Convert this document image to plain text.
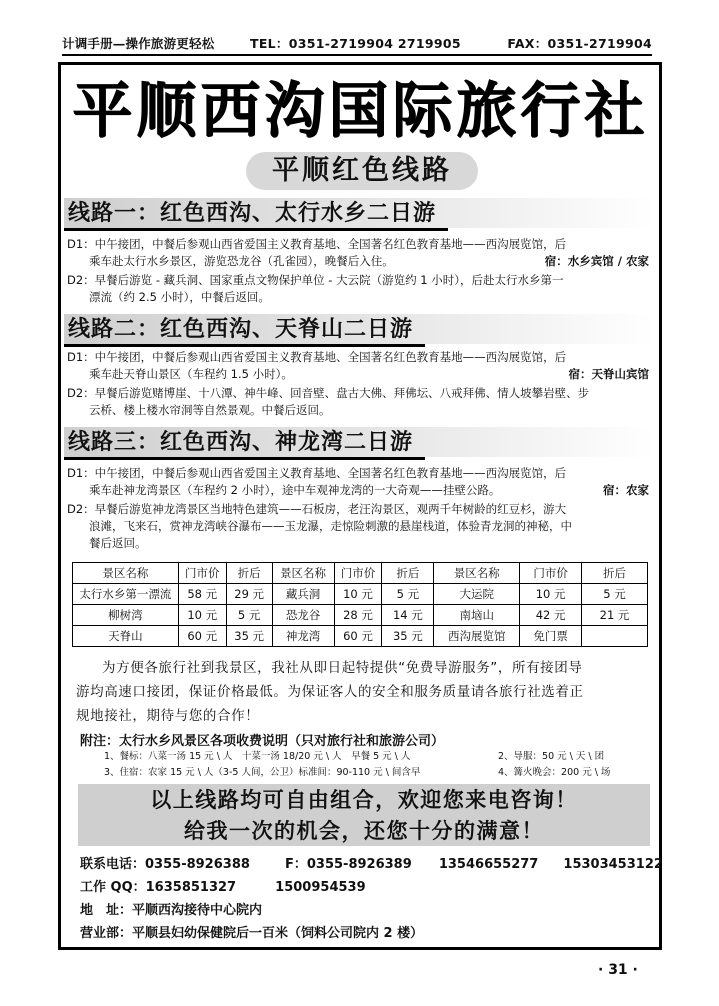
计调手册—操作旅游更轻松	TEL：0351-2719904 2719905	FAX：0351-2719904
平顺西沟国际旅行社
平顺红色线路
线路一：红色西沟、太行水乡二日游
D1：中午接团，中餐后参观山西省爱国主义教育基地、全国著名红色教育基地——西沟展览馆，后
乘车赴太行水乡景区，游览恐龙谷（孔雀园），晚餐后入住。	宿：水乡宾馆 / 农家
D2：早餐后游览 - 藏兵洞、国家重点文物保护单位 - 大云院（游览约 1 小时），后赴太行水乡第一
漂流（约 2.5 小时），中餐后返回。
线路二：红色西沟、天脊山二日游
D1：中午接团，中餐后参观山西省爱国主义教育基地、全国著名红色教育基地——西沟展览馆，后
乘车赴天脊山景区（车程约 1.5 小时）。	宿：天脊山宾馆
D2：早餐后游览赌博崖、十八潭、神牛峰、回音壁、盘古大佛、拜佛坛、八戒拜佛、情人坡攀岩壁、步
云桥、楼上楼水帘洞等自然景观。中餐后返回。
线路三：红色西沟、神龙湾二日游
D1：中午接团，中餐后参观山西省爱国主义教育基地、全国著名红色教育基地——西沟展览馆，后
乘车赴神龙湾景区（车程约 2 小时），途中车观神龙湾的一大奇观——挂壁公路。	宿：农家
D2：早餐后游览神龙湾景区当地特色建筑——石板房，老汪沟景区，观两千年树龄的红豆杉，游大
浪滩，飞来石，赏神龙湾峡谷瀑布——玉龙瀑，走惊险刺激的悬崖栈道，体验青龙洞的神秘，中
餐后返回。
景区名称	门市价	折后	景区名称	门市价	折后	景区名称	门市价	折后
太行水乡第一漂流	58 元	29 元	藏兵洞	10 元	5 元	大运院	10 元	5 元
柳树湾	10 元	5 元	恐龙谷	28 元	14 元	南垴山	42 元	21 元
天脊山	60 元	35 元	神龙湾	60 元	35 元	西沟展览馆	免门票	
为方便各旅行社到我景区，我社从即日起特提供“免费导游服务”，所有接团导
游均高速口接团，保证价格最低。为保证客人的安全和服务质量请各旅行社选着正
规地接社，期待与您的合作！
附注：太行水乡风景区各项收费说明（只对旅行社和旅游公司）
1、餐标：八菜一汤 15 元 \ 人　十菜一汤 18/20 元 \ 人　早餐 5 元 \ 人	2、导服：50 元 \ 天 \ 团
3、住宿：农家 15 元 \ 人（3-5 人间，公卫）标准间：90-110 元 \ 间含早	4、篝火晚会：200 元 \ 场
以上线路均可自由组合，欢迎您来电咨询！
给我一次的机会，还您十分的满意！
联系电话：0355-8926388	F：0355-8926389 13546655277 15303453122
工作 QQ：1635851327	1500954539
地　址：平顺西沟接待中心院内
营业部：平顺县妇幼保健院后一百米（饲料公司院内 2 楼）
· 31 ·
